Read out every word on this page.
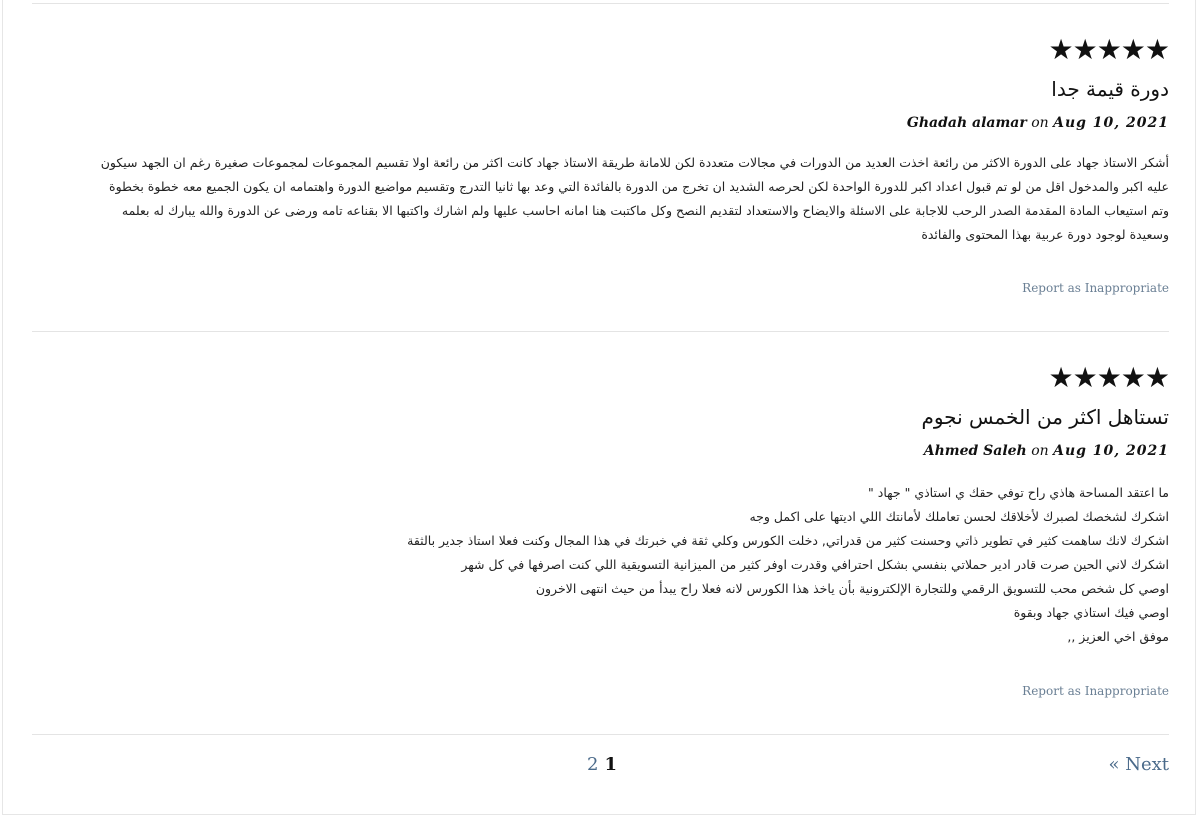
★★★★★
دورة قيمة جدا
Ghadah alamar on Aug 10, 2021

أشكر الاستاذ جهاد على الدورة الاكثر من رائعة اخذت العديد من الدورات في مجالات متعددة لكن للامانة طريقة الاستاذ جهاد كانت اكثر من رائعة اولا تقسيم المجموعات لمجموعات صغيرة رغم ان الجهد سيكون

عليه اكبر والمدخول اقل من لو تم قبول اعداد اكبر للدورة الواحدة لكن لحرصه الشديد ان تخرج من الدورة بالفائدة التي وعد بها ثانيا التدرج وتقسيم مواضيع الدورة واهتمامه ان يكون الجميع معه خطوة بخطوة

وتم استيعاب المادة المقدمة الصدر الرحب للاجابة على الاسئلة والايضاح والاستعداد لتقديم النصح وكل ماكتبت هنا امانه احاسب عليها ولم اشارك واكتبها الا بقناعه تامه ورضى عن الدورة والله يبارك له بعلمه

وسعيدة لوجود دورة عربية بهذا المحتوى والفائدة

Report as Inappropriate
★★★★★
تستاهل اكثر من الخمس نجوم
Ahmed Saleh on Aug 10, 2021

ما اعتقد المساحة هاذي راح توفي حقك ي استاذي " جهاد "

اشكرك لشخصك لصبرك لأخلاقك لحسن تعاملك لأمانتك اللي اديتها على اكمل وجه

اشكرك لانك ساهمت كثير في تطوير ذاتي وحسنت كثير من قدراتي, دخلت الكورس وكلي ثقة في خبرتك في هذا المجال وكنت فعلا استاذ جدير بالثقة

اشكرك لاني الحين صرت قادر ادير حملاتي بنفسي بشكل احترافي وقدرت اوفر كثير من الميزانية التسويقية اللي كنت اصرفها في كل شهر

اوصي كل شخص محب للتسويق الرقمي وللتجارة الإلكترونية بأن ياخذ هذا الكورس لانه فعلا راح يبدأ من حيث انتهى الاخرون

اوصي فيك استاذي جهاد وبقوة

موفق اخي العزيز ,,

Report as Inappropriate
2 1	« Next
